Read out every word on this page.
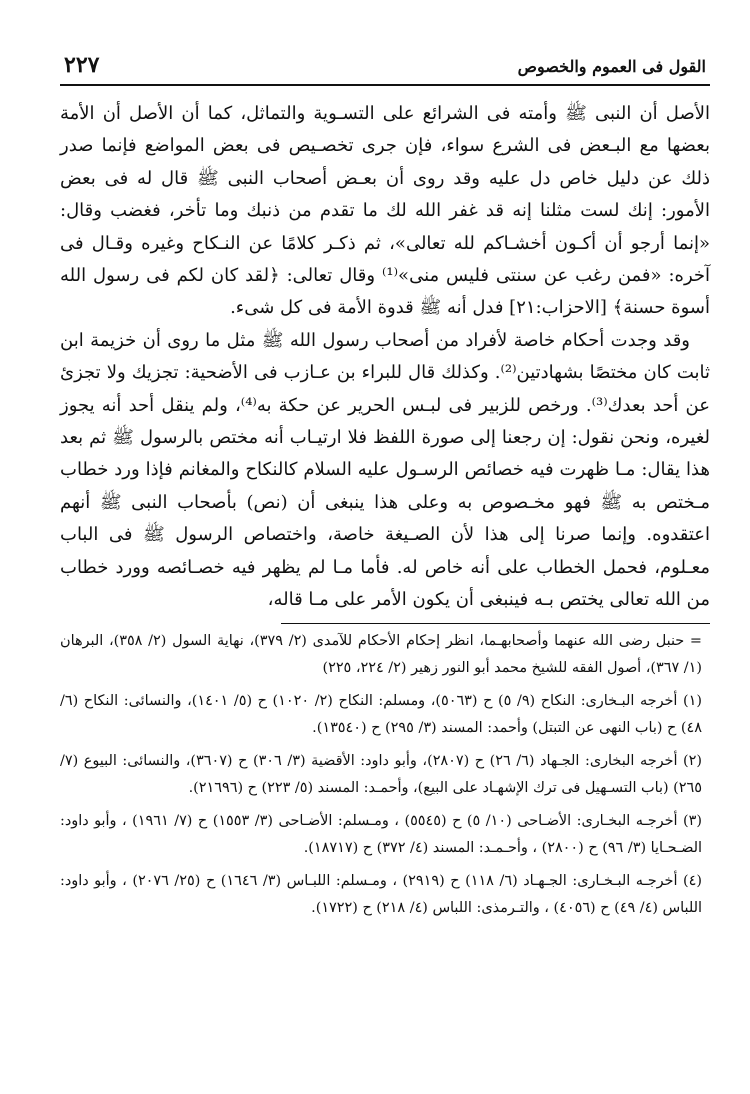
القول فى العموم والخصوص
٢٢٧

الأصل أن النبى ﷺ وأمته فى الشرائع على التسـوية والتماثل، كما أن الأصل أن الأمة بعضها مع البـعض فى الشرع سواء، فإن جرى تخصـيص فى بعض المواضع فإنما صدر ذلك عن دليل خاص دل عليه وقد روى أن بعـض أصحاب النبى ﷺ قال له فى بعض الأمور: إنك لست مثلنا إنه قد غفر الله لك ما تقدم من ذنبك وما تأخر، فغضب وقال: «إنما أرجو أن أكـون أخشـاكم لله تعالى»، ثم ذكـر كلامًا عن النـكاح وغيره وقـال فى آخره: «فمن رغب عن سنتى فليس منى»⁽¹⁾ وقال تعالى: ﴿لقد كان لكم فى رسول الله أسوة حسنة﴾ [الاحزاب:٢١] فدل أنه ﷺ قدوة الأمة فى كل شىء.

وقد وجدت أحكام خاصة لأفراد من أصحاب رسول الله ﷺ مثل ما روى أن خزيمة ابن ثابت كان مختصًا بشهادتين⁽²⁾. وكذلك قال للبراء بن عـازب فى الأضحية: تجزيك ولا تجزئ عن أحد بعدك⁽³⁾. ورخص للزبير فى لبـس الحرير عن حكة به⁽⁴⁾، ولم ينقل أحد أنه يجوز لغيره، ونحن نقول: إن رجعنا إلى صورة اللفظ فلا ارتيـاب أنه مختص بالرسول ﷺ ثم بعد هذا يقال: مـا ظهرت فيه خصائص الرسـول عليه السلام كالنكاح والمغانم فإذا ورد خطاب مـختص به ﷺ فهو مخـصوص به وعلى هذا ينبغى أن (نص) بأصحاب النبى ﷺ أنهم اعتقدوه. وإنما صرنا إلى هذا لأن الصـيغة خاصة، واختصاص الرسول ﷺ فى الباب معـلوم، فحمل الخطاب على أنه خاص له. فأما مـا لم يظهر فيه خصـائصه وورد خطاب من الله تعالى يختص بـه فينبغى أن يكون الأمر على مـا قاله،

= حنبل رضى الله عنهما وأصحابهـما، انظر إحكام الأحكام للآمدى (٢/ ٣٧٩)، نهاية السول (٢/ ٣٥٨)، البرهان (١/ ٣٦٧)، أصول الفقه للشيخ محمد أبو النور زهير (٢/ ٢٢٤، ٢٢٥)

(١) أخرجه البـخارى: النكاح (٩/ ٥) ح (٥٠٦٣)، ومسلم: النكاح (٢/ ١٠٢٠) ح (٥/ ١٤٠١)، والنسائى: النكاح (٦/ ٤٨) ح (باب النهى عن التبتل) وأحمد: المسند (٣/ ٢٩٥) ح (١٣٥٤٠).

(٢) أخرجه البخارى: الجـهاد (٦/ ٢٦) ح (٢٨٠٧)، وأبو داود: الأقضية (٣/ ٣٠٦) ح (٣٦٠٧)، والنسائى: البيوع (٧/ ٢٦٥) (باب التسـهيل فى ترك الإشهـاد على البيع)، وأحمـد: المسند (٥/ ٢٢٣) ح (٢١٦٩٦).

(٣) أخرجـه البخـارى: الأضـاحى (١٠/ ٥) ح (٥٥٤٥) ، ومـسلم: الأضـاحى (٣/ ١٥٥٣) ح (٧/ ١٩٦١) ، وأبو داود: الضـحـايا (٣/ ٩٦) ح (٢٨٠٠) ، وأحـمـد: المسند (٤/ ٣٧٢) ح (١٨٧١٧).

(٤) أخرجـه البـخـارى: الجـهـاد (٦/ ١١٨) ح (٢٩١٩) ، ومـسلم: اللبـاس (٣/ ١٦٤٦) ح (٢٥/ ٢٠٧٦) ، وأبو داود: اللباس (٤/ ٤٩) ح (٤٠٥٦) ، والتـرمذى: اللباس (٤/ ٢١٨) ح (١٧٢٢).
